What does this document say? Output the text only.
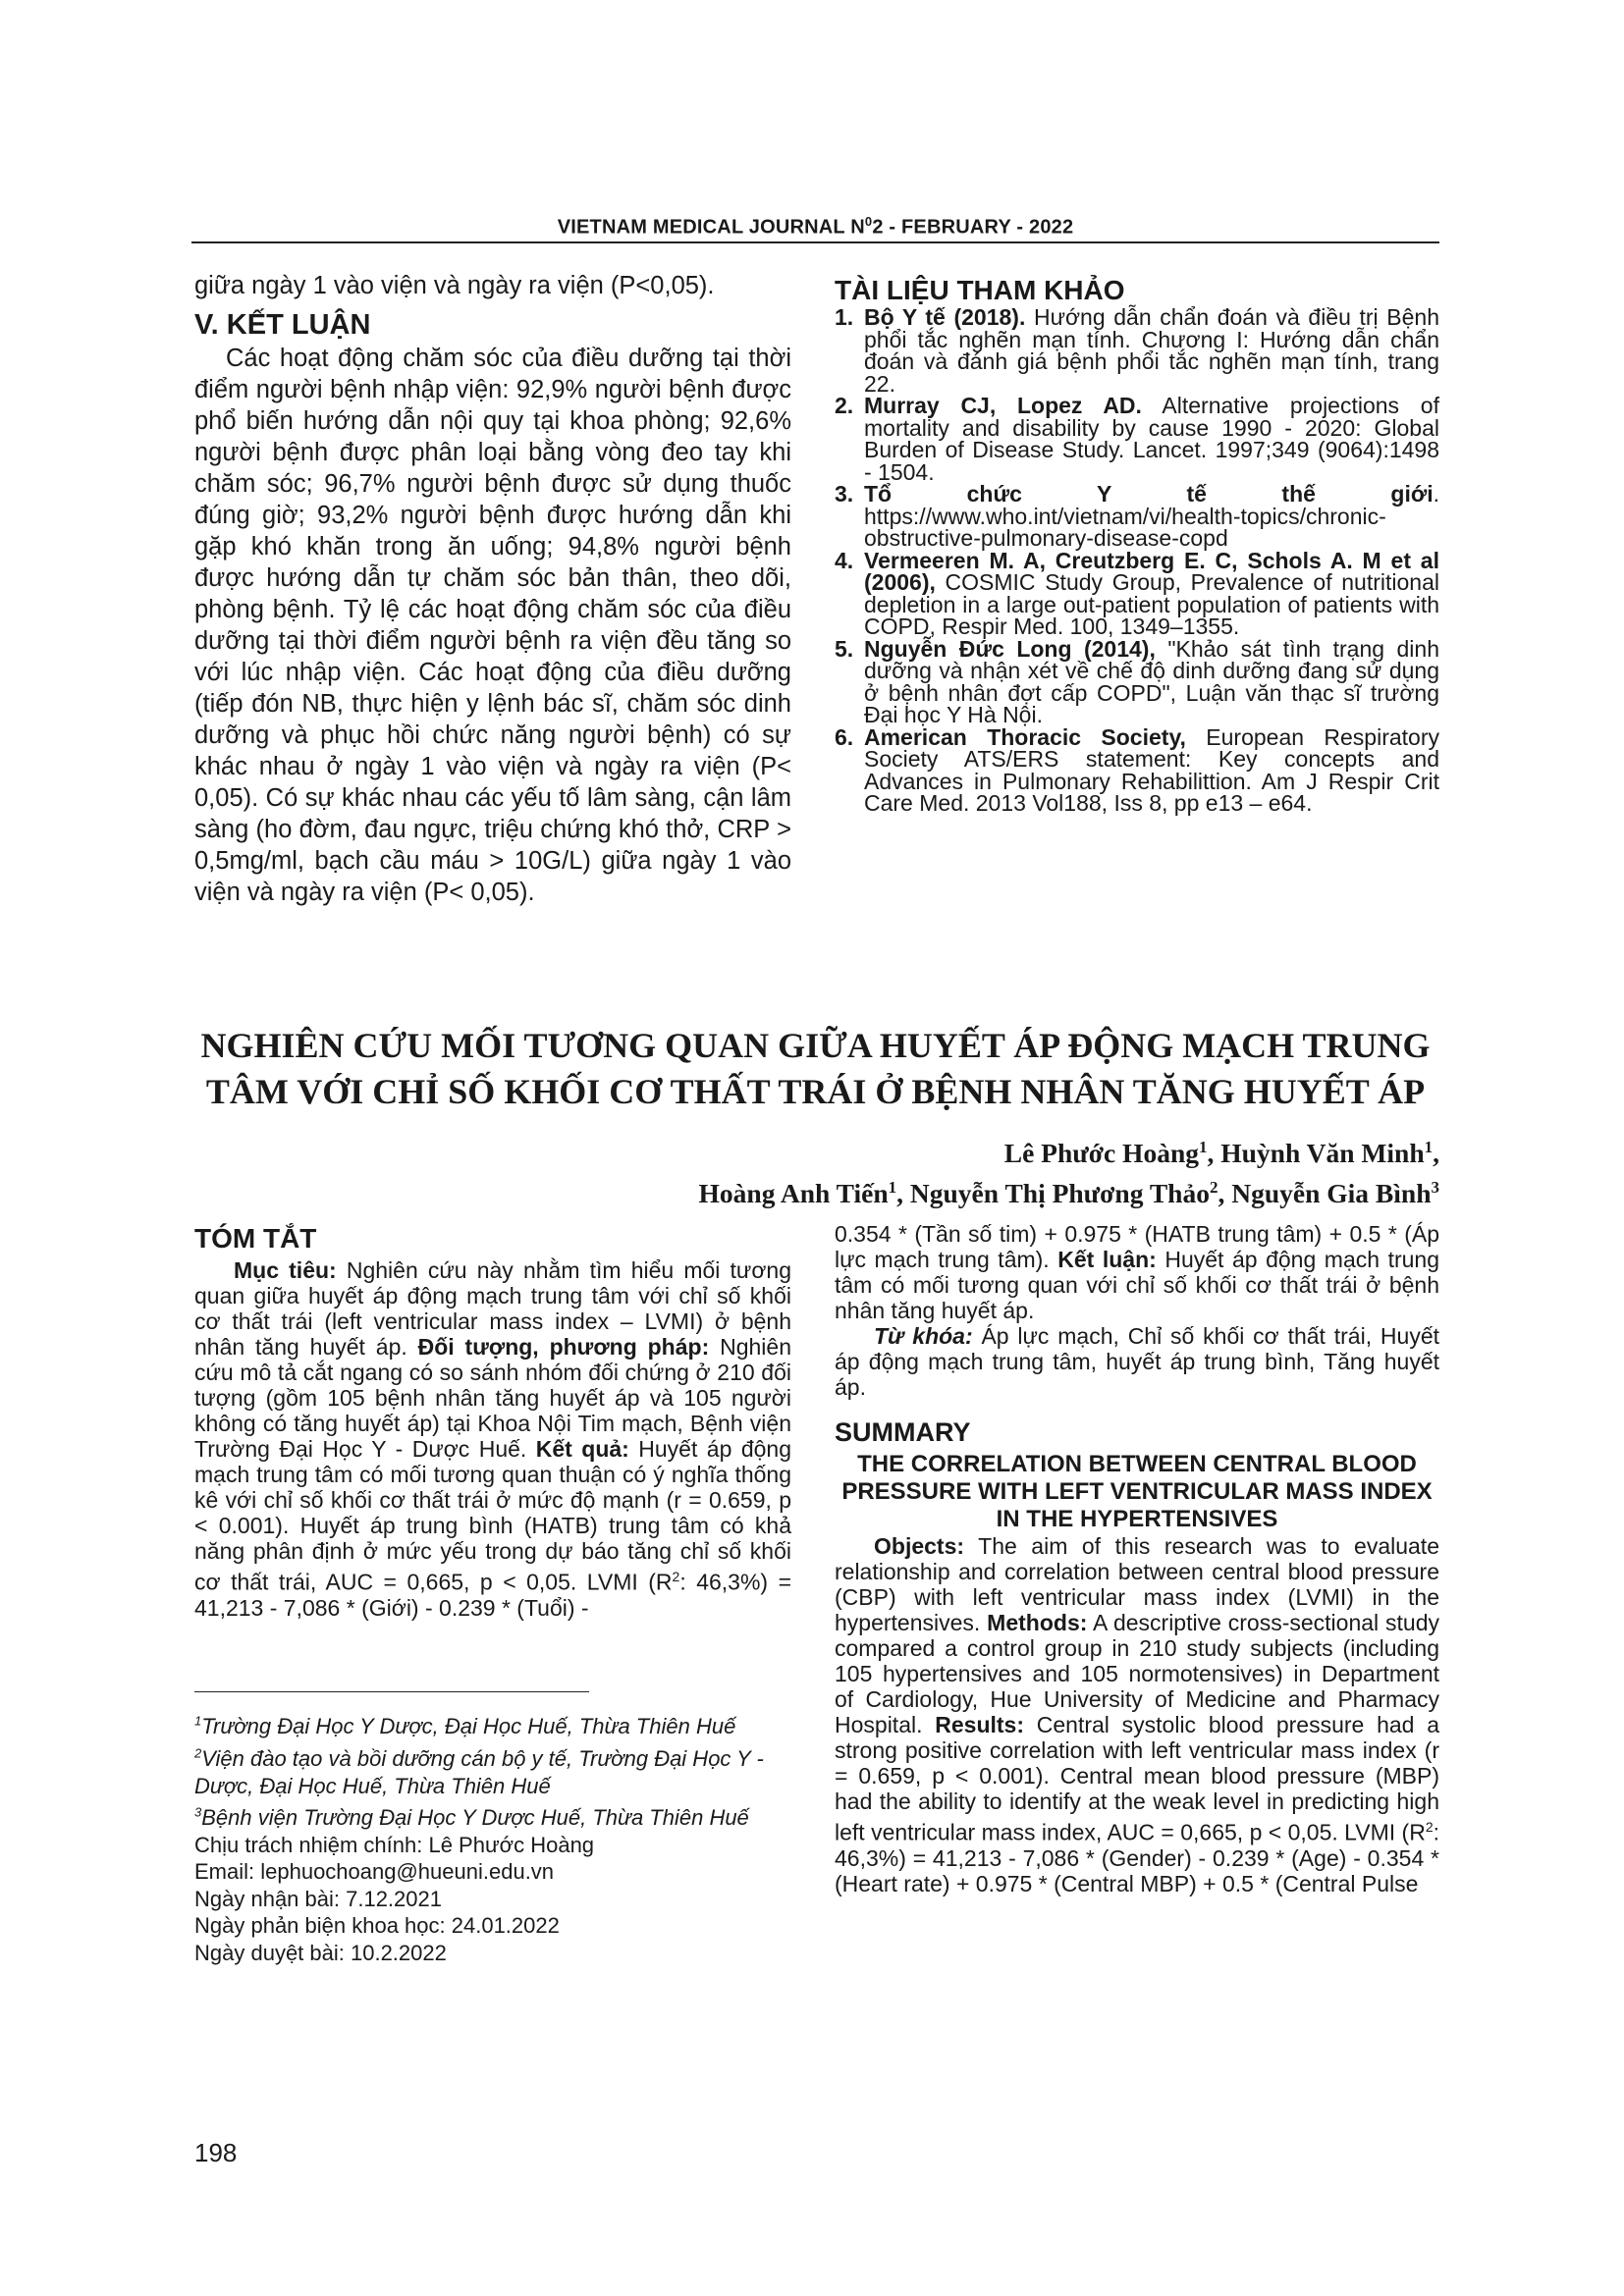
VIETNAM MEDICAL JOURNAL $N^02$ - FEBRUARY - 2022

giữa ngày 1 vào viện và ngày ra viện (P<0,05).

V. KẾT LUẬN

Các hoạt động chăm sóc của điều dưỡng tại thời điểm người bệnh nhập viện: 92,9% người bệnh được phổ biến hướng dẫn nội quy tại khoa phòng; 92,6% người bệnh được phân loại bằng vòng đeo tay khi chăm sóc; 96,7% người bệnh được sử dụng thuốc đúng giờ; 93,2% người bệnh được hướng dẫn khi gặp khó khăn trong ăn uống; 94,8% người bệnh được hướng dẫn tự chăm sóc bản thân, theo dõi, phòng bệnh. Tỷ lệ các hoạt động chăm sóc của điều dưỡng tại thời điểm người bệnh ra viện đều tăng so với lúc nhập viện. Các hoạt động của điều dưỡng (tiếp đón NB, thực hiện y lệnh bác sĩ, chăm sóc dinh dưỡng và phục hồi chức năng người bệnh) có sự khác nhau ở ngày 1 vào viện và ngày ra viện (P< 0,05). Có sự khác nhau các yếu tố lâm sàng, cận lâm sàng (ho đờm, đau ngực, triệu chứng khó thở, CRP > 0,5mg/ml, bạch cầu máu > 10G/L) giữa ngày 1 vào viện và ngày ra viện (P< 0,05).

TÀI LIỆU THAM KHẢO

1. Bộ Y tế (2018). Hướng dẫn chẩn đoán và điều trị Bệnh phổi tắc nghẽn mạn tính. Chương I: Hướng dẫn chẩn đoán và đánh giá bệnh phổi tắc nghẽn mạn tính, trang 22.
2. Murray CJ, Lopez AD. Alternative projections of mortality and disability by cause 1990 - 2020: Global Burden of Disease Study. Lancet. 1997;349 (9064):1498 - 1504.
3. Tổ chức Y tế thế giới. https://www.who.int/vietnam/vi/health-topics/chronic-obstructive-pulmonary-disease-copd
4. Vermeeren M. A, Creutzberg E. C, Schols A. M et al (2006), COSMIC Study Group, Prevalence of nutritional depletion in a large out-patient population of patients with COPD, Respir Med. 100, 1349–1355.
5. Nguyễn Đức Long (2014), "Khảo sát tình trạng dinh dưỡng và nhận xét về chế độ dinh dưỡng đang sử dụng ở bệnh nhân đợt cấp COPD", Luận văn thạc sĩ trường Đại học Y Hà Nội.
6. American Thoracic Society, European Respiratory Society ATS/ERS statement: Key concepts and Advances in Pulmonary Rehabilittion. Am J Respir Crit Care Med. 2013 Vol188, Iss 8, pp e13 – e64.
NGHIÊN CỨU MỐI TƯƠNG QUAN GIỮA HUYẾT ÁP ĐỘNG MẠCH TRUNG
TÂM VỚI CHỈ SỐ KHỐI CƠ THẤT TRÁI Ở BỆNH NHÂN TĂNG HUYẾT ÁP
Lê Phước Hoàng$^1$, Huỳnh Văn Minh$^1$,
Hoàng Anh Tiến$^1$, Nguyễn Thị Phương Thảo$^2$, Nguyễn Gia Bình$^3$

TÓM TẮT

Mục tiêu: Nghiên cứu này nhằm tìm hiểu mối tương quan giữa huyết áp động mạch trung tâm với chỉ số khối cơ thất trái (left ventricular mass index – LVMI) ở bệnh nhân tăng huyết áp. Đối tượng, phương pháp: Nghiên cứu mô tả cắt ngang có so sánh nhóm đối chứng ở 210 đối tượng (gồm 105 bệnh nhân tăng huyết áp và 105 người không có tăng huyết áp) tại Khoa Nội Tim mạch, Bệnh viện Trường Đại Học Y - Dược Huế. Kết quả: Huyết áp động mạch trung tâm có mối tương quan thuận có ý nghĩa thống kê với chỉ số khối cơ thất trái ở mức độ mạnh (r = 0.659, p < 0.001). Huyết áp trung bình (HATB) trung tâm có khả năng phân định ở mức yếu trong dự báo tăng chỉ số khối cơ thất trái, AUC = 0,665, p < 0,05. LVMI ($R^2$: 46,3%) = 41,213 - 7,086 * (Giới) - 0.239 * (Tuổi) -

$^1$Trường Đại Học Y Dược, Đại Học Huế, Thừa Thiên Huế
$^2$Viện đào tạo và bồi dưỡng cán bộ y tế, Trường Đại Học Y - Dược, Đại Học Huế, Thừa Thiên Huế
$^3$Bệnh viện Trường Đại Học Y Dược Huế, Thừa Thiên Huế
Chịu trách nhiệm chính: Lê Phước Hoàng
Email: lephuochoang@hueuni.edu.vn
Ngày nhận bài: 7.12.2021
Ngày phản biện khoa học: 24.01.2022
Ngày duyệt bài: 10.2.2022

0.354 * (Tần số tim) + 0.975 * (HATB trung tâm) + 0.5 * (Áp lực mạch trung tâm). Kết luận: Huyết áp động mạch trung tâm có mối tương quan với chỉ số khối cơ thất trái ở bệnh nhân tăng huyết áp.

Từ khóa: Áp lực mạch, Chỉ số khối cơ thất trái, Huyết áp động mạch trung tâm, huyết áp trung bình, Tăng huyết áp.

SUMMARY

THE CORRELATION BETWEEN CENTRAL BLOOD PRESSURE WITH LEFT VENTRICULAR MASS INDEX IN THE HYPERTENSIVES

Objects: The aim of this research was to evaluate relationship and correlation between central blood pressure (CBP) with left ventricular mass index (LVMI) in the hypertensives. Methods: A descriptive cross-sectional study compared a control group in 210 study subjects (including 105 hypertensives and 105 normotensives) in Department of Cardiology, Hue University of Medicine and Pharmacy Hospital. Results: Central systolic blood pressure had a strong positive correlation with left ventricular mass index (r = 0.659, p < 0.001). Central mean blood pressure (MBP) had the ability to identify at the weak level in predicting high left ventricular mass index, AUC = 0,665, p < 0,05. LVMI ($R^2$: 46,3%) = 41,213 - 7,086 * (Gender) - 0.239 * (Age) - 0.354 * (Heart rate) + 0.975 * (Central MBP) + 0.5 * (Central Pulse

198
